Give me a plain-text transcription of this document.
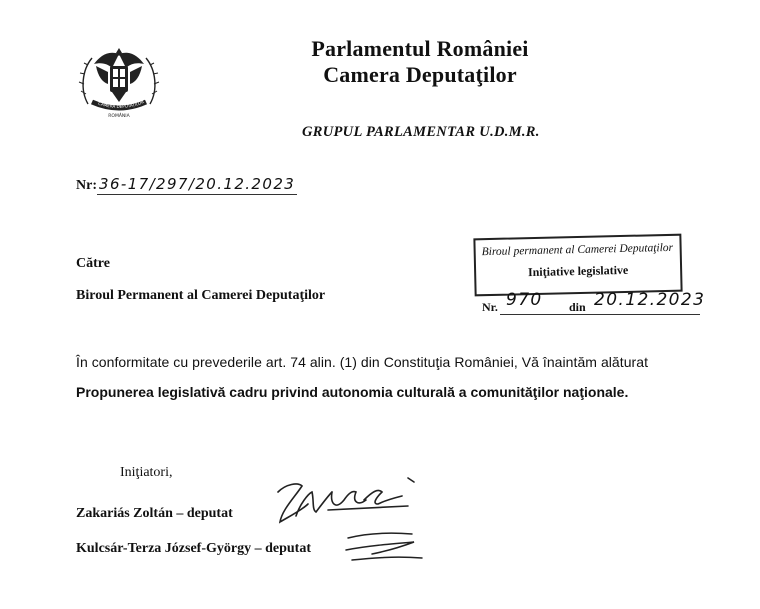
CAMERA DEPUTAȚILOR
ROMÂNIA
Parlamentul României
Camera Deputaţilor
GRUPUL PARLAMENTAR U.D.M.R.
Nr: 36-17/297/20.12.2023
Biroul permanent al Camerei Deputaţilor
Iniţiative legislative
Nr. 970 din 20.12.2023
Către
Biroul Permanent al Camerei Deputaţilor
În conformitate cu prevederile art. 74 alin. (1) din Constituţia României, Vă înaintăm alăturat
Propunerea legislativă cadru privind autonomia culturală a comunităţilor naţionale.
Iniţiatori,
Zakariás Zoltán – deputat
Kulcsár-Terza József-György – deputat
